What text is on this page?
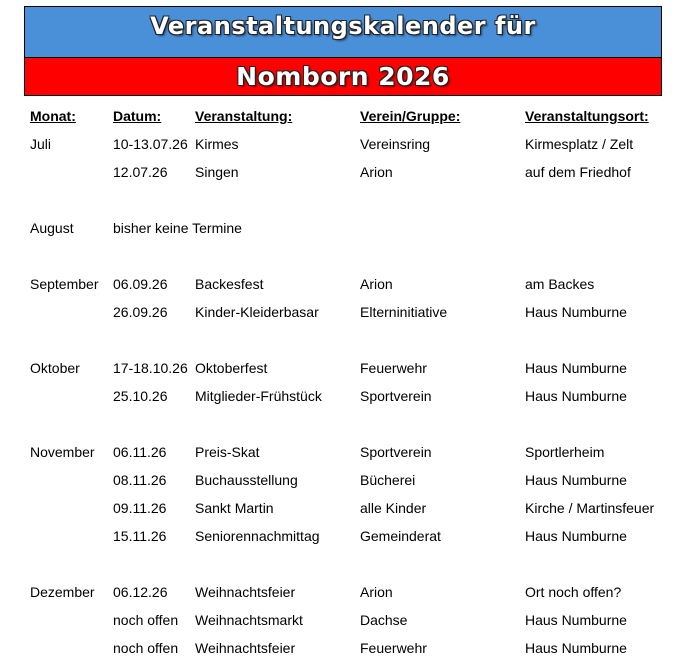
Veranstaltungskalender für
Nomborn 2026
Monat:	Datum:	Veranstaltung:	Verein/Gruppe:	Veranstaltungsort:
Juli	10-13.07.26	Kirmes	Vereinsring	Kirmesplatz / Zelt
	12.07.26	Singen	Arion	auf dem Friedhof

August	bisher keine Termine			

September	06.09.26	Backesfest	Arion	am Backes
	26.09.26	Kinder-Kleiderbasar	Elterninitiative	Haus Numburne

Oktober	17-18.10.26	Oktoberfest	Feuerwehr	Haus Numburne
	25.10.26	Mitglieder-Frühstück	Sportverein	Haus Numburne

November	06.11.26	Preis-Skat	Sportverein	Sportlerheim
	08.11.26	Buchausstellung	Bücherei	Haus Numburne
	09.11.26	Sankt Martin	alle Kinder	Kirche / Martinsfeuer
	15.11.26	Seniorennachmittag	Gemeinderat	Haus Numburne

Dezember	06.12.26	Weihnachtsfeier	Arion	Ort noch offen?
	noch offen	Weihnachtsmarkt	Dachse	Haus Numburne
	noch offen	Weihnachtsfeier	Feuerwehr	Haus Numburne
